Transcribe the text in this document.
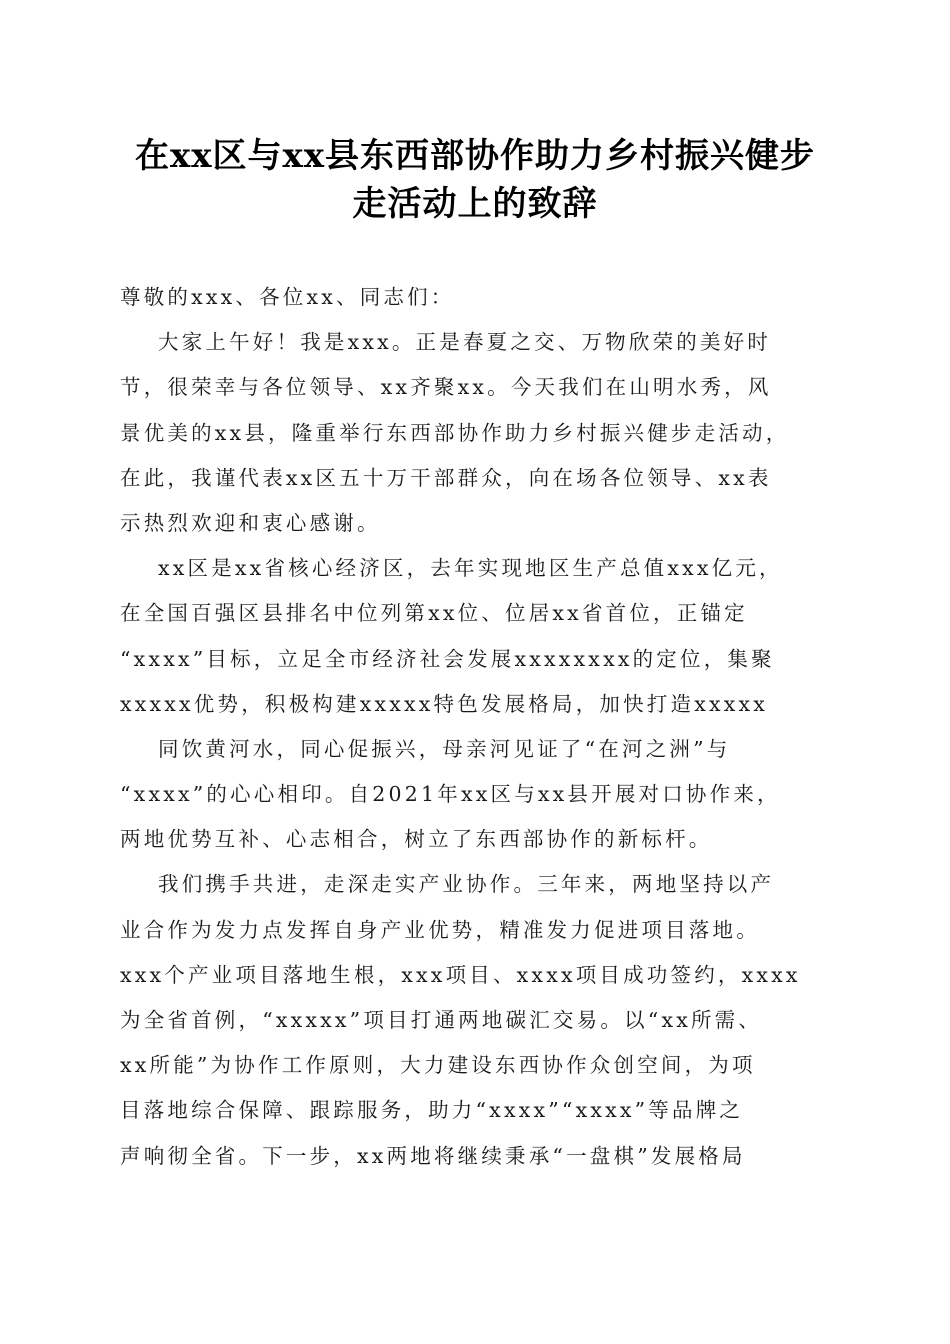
在xx区与xx县东西部协作助力乡村振兴健步
走活动上的致辞
尊敬的xxx、各位xx、同志们：
大家上午好！我是xxx。正是春夏之交、万物欣荣的美好时
节，很荣幸与各位领导、xx齐聚xx。今天我们在山明水秀，风
景优美的xx县，隆重举行东西部协作助力乡村振兴健步走活动，
在此，我谨代表xx区五十万干部群众，向在场各位领导、xx表
示热烈欢迎和衷心感谢。
xx区是xx省核心经济区，去年实现地区生产总值xxx亿元，
在全国百强区县排名中位列第xx位、位居xx省首位，正锚定
“xxxx”目标，立足全市经济社会发展xxxxxxxx的定位，集聚
xxxxx优势，积极构建xxxxx特色发展格局，加快打造xxxxx
同饮黄河水，同心促振兴，母亲河见证了“在河之洲”与
“xxxx”的心心相印。自2021年xx区与xx县开展对口协作来，
两地优势互补、心志相合，树立了东西部协作的新标杆。
我们携手共进，走深走实产业协作。三年来，两地坚持以产
业合作为发力点发挥自身产业优势，精准发力促进项目落地。
xxx个产业项目落地生根，xxx项目、xxxx项目成功签约，xxxx
为全省首例，“xxxxx”项目打通两地碳汇交易。以“xx所需、
xx所能”为协作工作原则，大力建设东西协作众创空间，为项
目落地综合保障、跟踪服务，助力“xxxx”“xxxx”等品牌之
声响彻全省。下一步，xx两地将继续秉承“一盘棋”发展格局
